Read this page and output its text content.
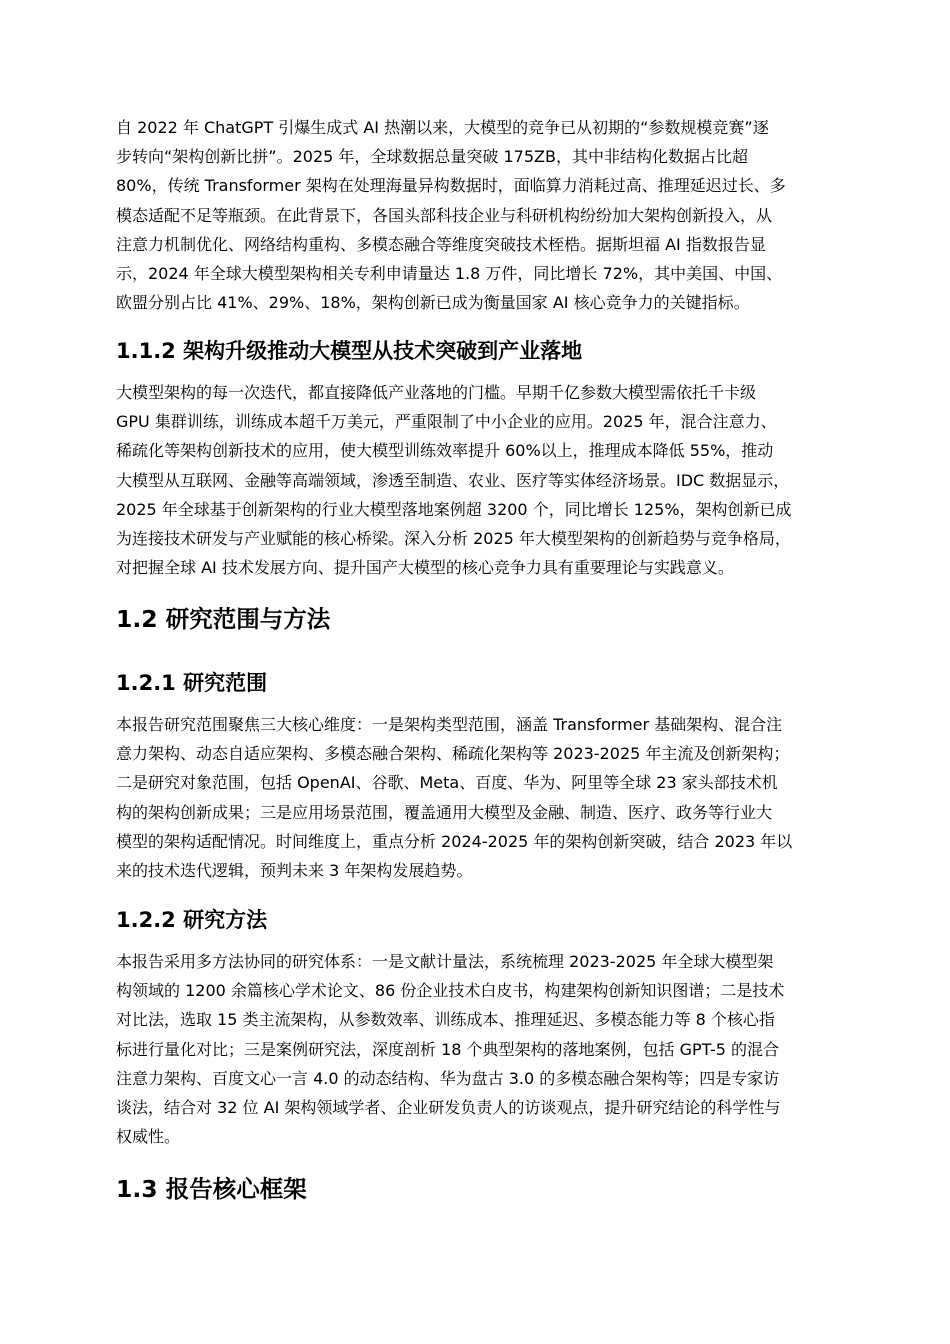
自 2022 年 ChatGPT 引爆生成式 AI 热潮以来，大模型的竞争已从初期的“参数规模竞赛”逐
步转向“架构创新比拼”。2025 年，全球数据总量突破 175ZB，其中非结构化数据占比超
80%，传统 Transformer 架构在处理海量异构数据时，面临算力消耗过高、推理延迟过长、多
模态适配不足等瓶颈。在此背景下，各国头部科技企业与科研机构纷纷加大架构创新投入，从
注意力机制优化、网络结构重构、多模态融合等维度突破技术桎梏。据斯坦福 AI 指数报告显
示，2024 年全球大模型架构相关专利申请量达 1.8 万件，同比增长 72%，其中美国、中国、
欧盟分别占比 41%、29%、18%，架构创新已成为衡量国家 AI 核心竞争力的关键指标。
1.1.2 架构升级推动大模型从技术突破到产业落地
大模型架构的每一次迭代，都直接降低产业落地的门槛。早期千亿参数大模型需依托千卡级
GPU 集群训练，训练成本超千万美元，严重限制了中小企业的应用。2025 年，混合注意力、
稀疏化等架构创新技术的应用，使大模型训练效率提升 60%以上，推理成本降低 55%，推动
大模型从互联网、金融等高端领域，渗透至制造、农业、医疗等实体经济场景。IDC 数据显示，
2025 年全球基于创新架构的行业大模型落地案例超 3200 个，同比增长 125%，架构创新已成
为连接技术研发与产业赋能的核心桥梁。深入分析 2025 年大模型架构的创新趋势与竞争格局，
对把握全球 AI 技术发展方向、提升国产大模型的核心竞争力具有重要理论与实践意义。
1.2 研究范围与方法
1.2.1 研究范围
本报告研究范围聚焦三大核心维度：一是架构类型范围，涵盖 Transformer 基础架构、混合注
意力架构、动态自适应架构、多模态融合架构、稀疏化架构等 2023-2025 年主流及创新架构；
二是研究对象范围，包括 OpenAI、谷歌、Meta、百度、华为、阿里等全球 23 家头部技术机
构的架构创新成果；三是应用场景范围，覆盖通用大模型及金融、制造、医疗、政务等行业大
模型的架构适配情况。时间维度上，重点分析 2024-2025 年的架构创新突破，结合 2023 年以
来的技术迭代逻辑，预判未来 3 年架构发展趋势。
1.2.2 研究方法
本报告采用多方法协同的研究体系：一是文献计量法，系统梳理 2023-2025 年全球大模型架
构领域的 1200 余篇核心学术论文、86 份企业技术白皮书，构建架构创新知识图谱；二是技术
对比法，选取 15 类主流架构，从参数效率、训练成本、推理延迟、多模态能力等 8 个核心指
标进行量化对比；三是案例研究法，深度剖析 18 个典型架构的落地案例，包括 GPT-5 的混合
注意力架构、百度文心一言 4.0 的动态结构、华为盘古 3.0 的多模态融合架构等；四是专家访
谈法，结合对 32 位 AI 架构领域学者、企业研发负责人的访谈观点，提升研究结论的科学性与
权威性。
1.3 报告核心框架
